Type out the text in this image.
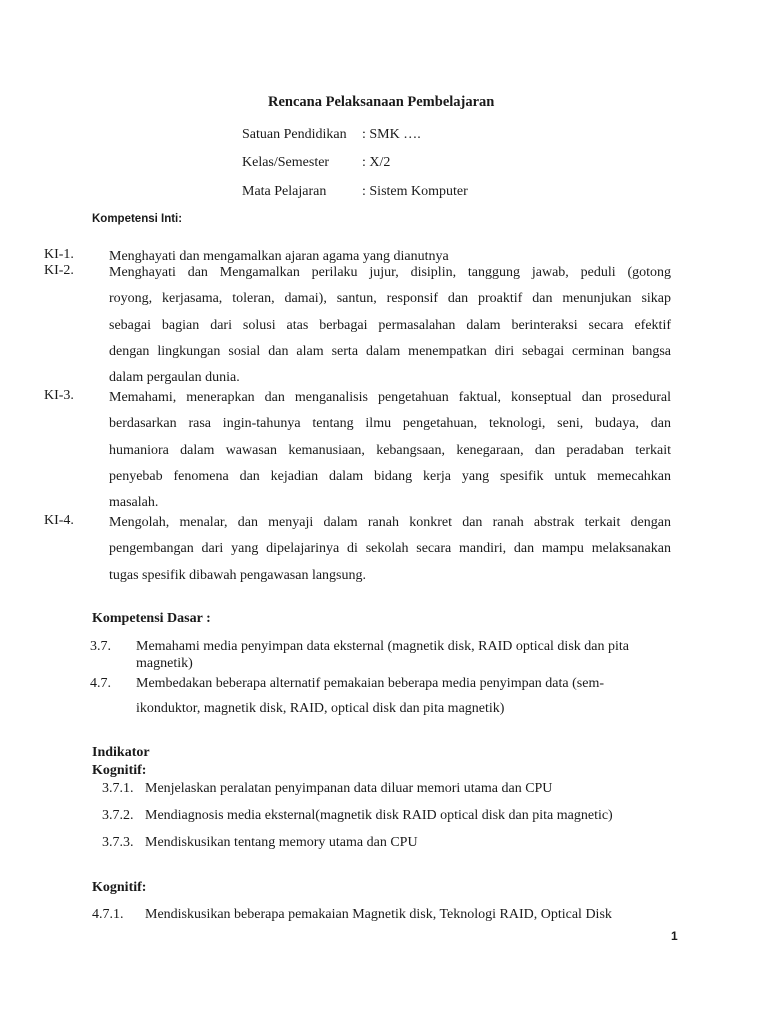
Rencana Pelaksanaan Pembelajaran
Satuan Pendidikan : SMK ….
Kelas/Semester : X/2
Mata Pelajaran	: Sistem Komputer
Kompetensi Inti:
KI-1.	Menghayati dan mengamalkan ajaran agama yang dianutnya
KI-2.	Menghayati dan Mengamalkan perilaku jujur, disiplin, tanggung jawab, peduli (gotong
royong, kerjasama, toleran, damai), santun, responsif dan proaktif dan menunjukan sikap
sebagai bagian dari solusi atas berbagai permasalahan dalam berinteraksi secara efektif
dengan lingkungan sosial dan alam serta dalam menempatkan diri sebagai cerminan bangsa
dalam pergaulan dunia.
KI-3.	Memahami, menerapkan dan menganalisis pengetahuan faktual, konseptual dan prosedural
berdasarkan rasa ingin-tahunya tentang ilmu pengetahuan, teknologi, seni, budaya, dan
humaniora dalam wawasan kemanusiaan, kebangsaan, kenegaraan, dan peradaban terkait
penyebab fenomena dan kejadian dalam bidang kerja yang spesifik untuk memecahkan
masalah.
KI-4.	Mengolah, menalar, dan menyaji dalam ranah konkret dan ranah abstrak terkait dengan
pengembangan dari yang dipelajarinya di sekolah secara mandiri, dan mampu melaksanakan
tugas spesifik dibawah pengawasan langsung.
Kompetensi Dasar :
3.7. Memahami media penyimpan data eksternal (magnetik disk, RAID optical disk dan pita
magnetik)
4.7. Membedakan beberapa alternatif pemakaian beberapa media penyimpan data (sem-
ikonduktor, magnetik disk, RAID, optical disk dan pita magnetik)
Indikator
Kognitif:
3.7.1. Menjelaskan peralatan penyimpanan data diluar memori utama dan CPU
3.7.2. Mendiagnosis media eksternal(magnetik disk RAID optical disk dan pita magnetic)
3.7.3. Mendiskusikan tentang memory utama dan CPU
Kognitif:
4.7.1. Mendiskusikan beberapa pemakaian Magnetik disk, Teknologi RAID, Optical Disk
1
